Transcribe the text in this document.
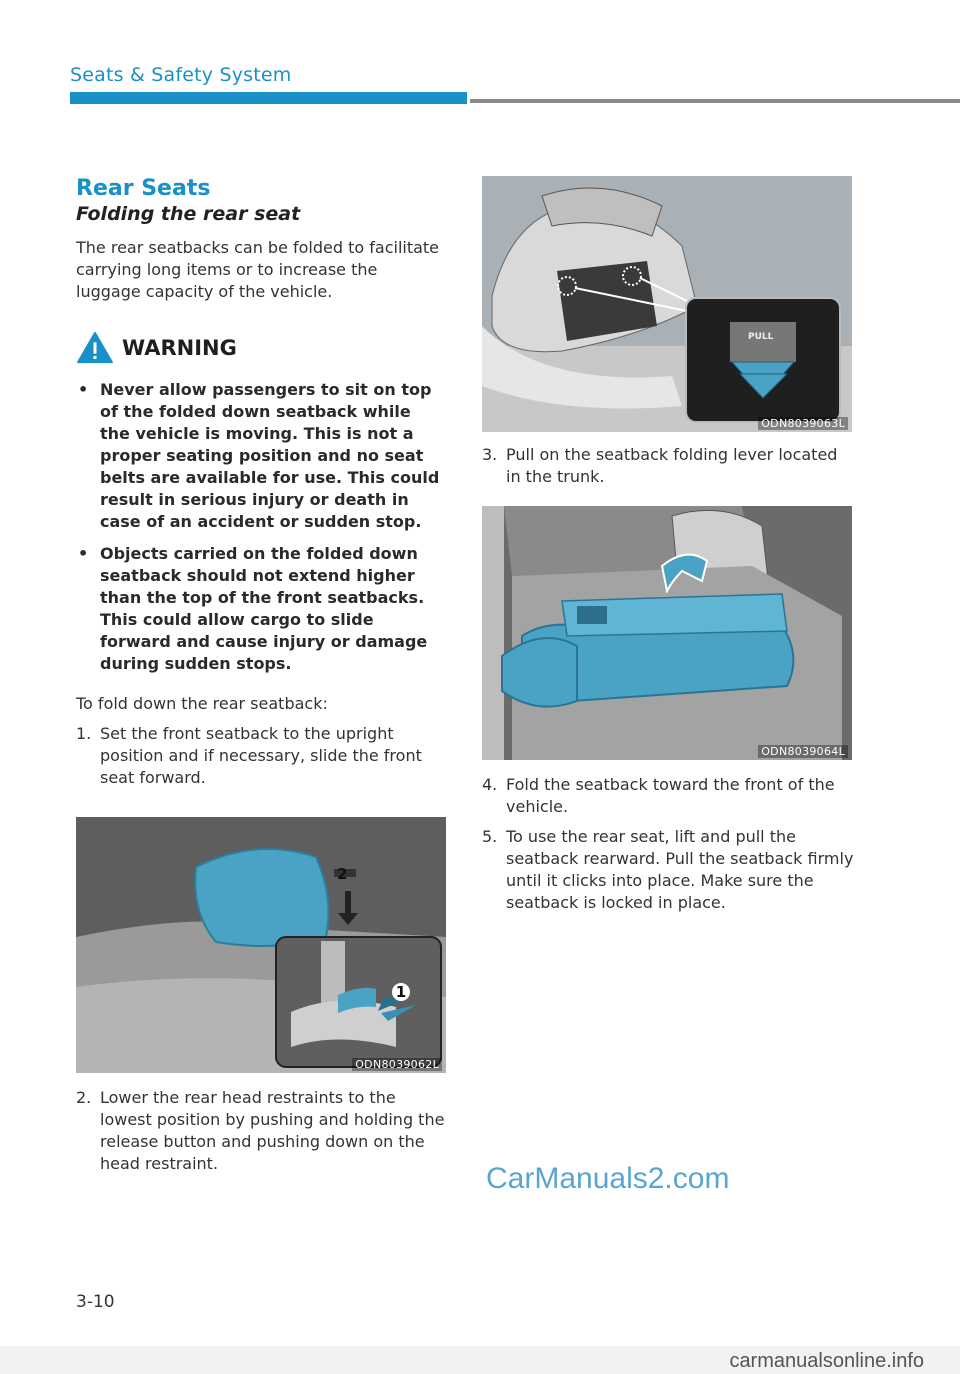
Seats & Safety System
Rear Seats
Folding the rear seat

The rear seatbacks can be folded to facilitate carrying long items or to increase the luggage capacity of the vehicle.

WARNING
• Never allow passengers to sit on top of the folded down seatback while the vehicle is moving. This is not a proper seating position and no seat belts are available for use. This could result in serious injury or death in case of an accident or sudden stop.
• Objects carried on the folded down seatback should not extend higher than the top of the front seatbacks. This could allow cargo to slide forward and cause injury or damage during sudden stops.

To fold down the rear seatback:

1. Set the front seatback to the upright position and if necessary, slide the front seat forward.
2
1
ODN8039062L
2. Lower the rear head restraints to the lowest position by pushing and holding the release button and pushing down on the head restraint.
PULL
ODN8039063L
3. Pull on the seatback folding lever located in the trunk.
ODN8039064L
4. Fold the seatback toward the front of the vehicle.
5. To use the rear seat, lift and pull the seatback rearward. Pull the seatback firmly until it clicks into place. Make sure the seatback is locked in place.
CarManuals2.com
3-10
carmanualsonline.info
